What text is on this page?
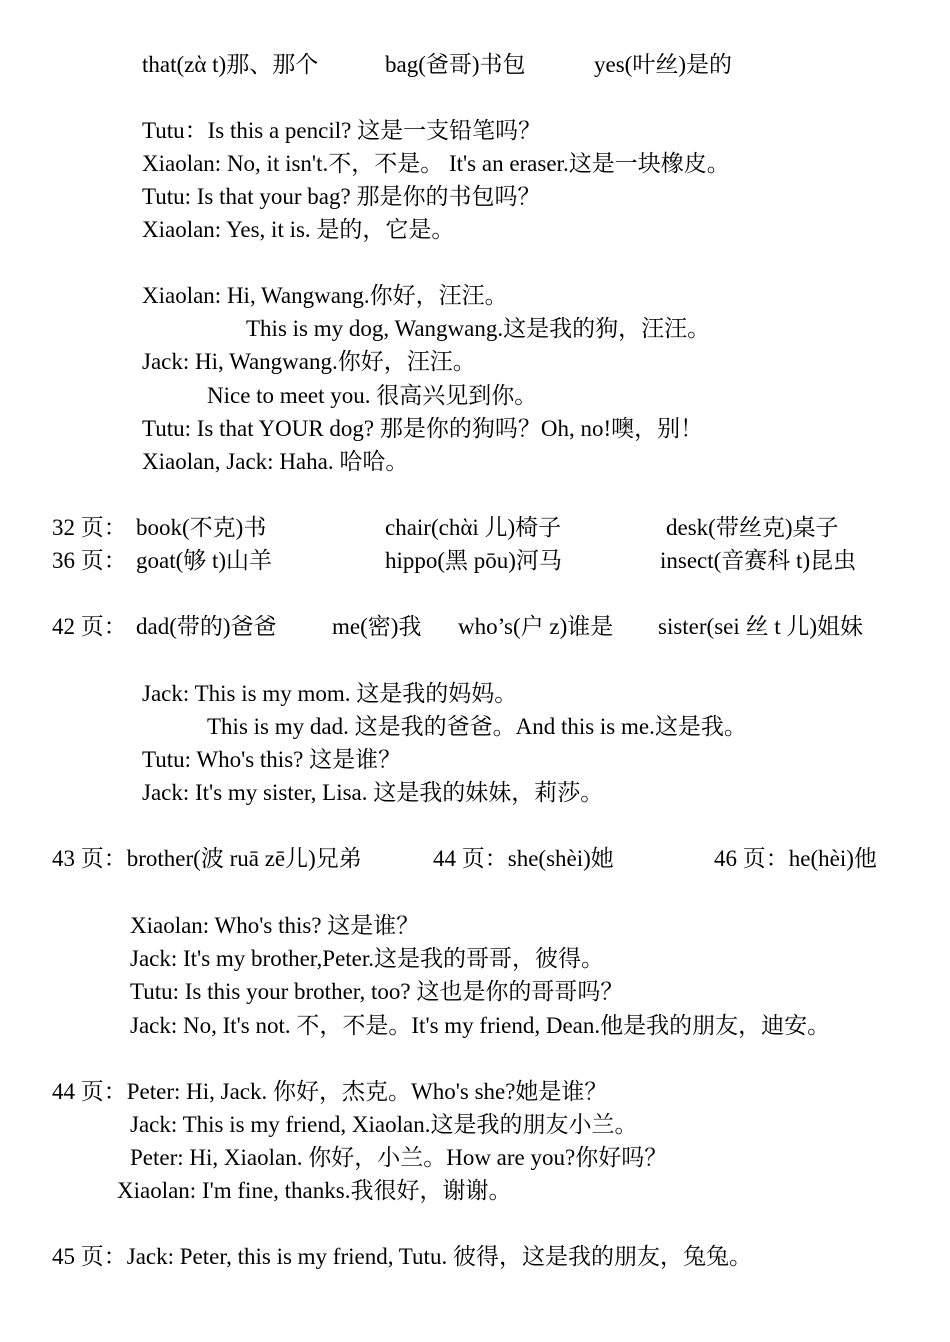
that(zὰ t)那、那个	bag(爸哥)书包	yes(叶丝)是的
Tutu：Is this a pencil? 这是一支铅笔吗？
Xiaolan: No, it isn't.不，不是。 It's an eraser.这是一块橡皮。
Tutu: Is that your bag? 那是你的书包吗？
Xiaolan: Yes, it is. 是的，它是。
Xiaolan: Hi, Wangwang.你好，汪汪。
This is my dog, Wangwang.这是我的狗，汪汪。
Jack: Hi, Wangwang.你好，汪汪。
Nice to meet you. 很高兴见到你。
Tutu: Is that YOUR dog? 那是你的狗吗？Oh, no!噢，别！
Xiaolan, Jack: Haha. 哈哈。
32 页： book(不克)书	chair(chὰi 儿)椅子	desk(带丝克)桌子
36 页： goat(够 t)山羊	hippo(黑 pōu)河马	insect(音赛科 t)昆虫
42 页： dad(带的)爸爸 me(密)我 who’s(户 z)谁是 sister(sei 丝 t 儿)姐妹
Jack: This is my mom. 这是我的妈妈。
This is my dad. 这是我的爸爸。And this is me.这是我。
Tutu: Who's this? 这是谁？
Jack: It's my sister, Lisa. 这是我的妹妹，莉莎。
43 页：brother(波 ruā zē儿)兄弟	44 页：she(shèi)她	46 页：he(hèi)他
Xiaolan: Who's this? 这是谁？
Jack: It's my brother,Peter.这是我的哥哥，彼得。
Tutu: Is this your brother, too? 这也是你的哥哥吗？
Jack: No, It's not. 不，不是。It's my friend, Dean.他是我的朋友，迪安。
44 页：Peter: Hi, Jack. 你好，杰克。Who's she?她是谁？
Jack: This is my friend, Xiaolan.这是我的朋友小兰。
Peter: Hi, Xiaolan. 你好，小兰。How are you?你好吗？
Xiaolan: I'm fine, thanks.我很好，谢谢。
45 页：Jack: Peter, this is my friend, Tutu. 彼得，这是我的朋友，兔兔。
